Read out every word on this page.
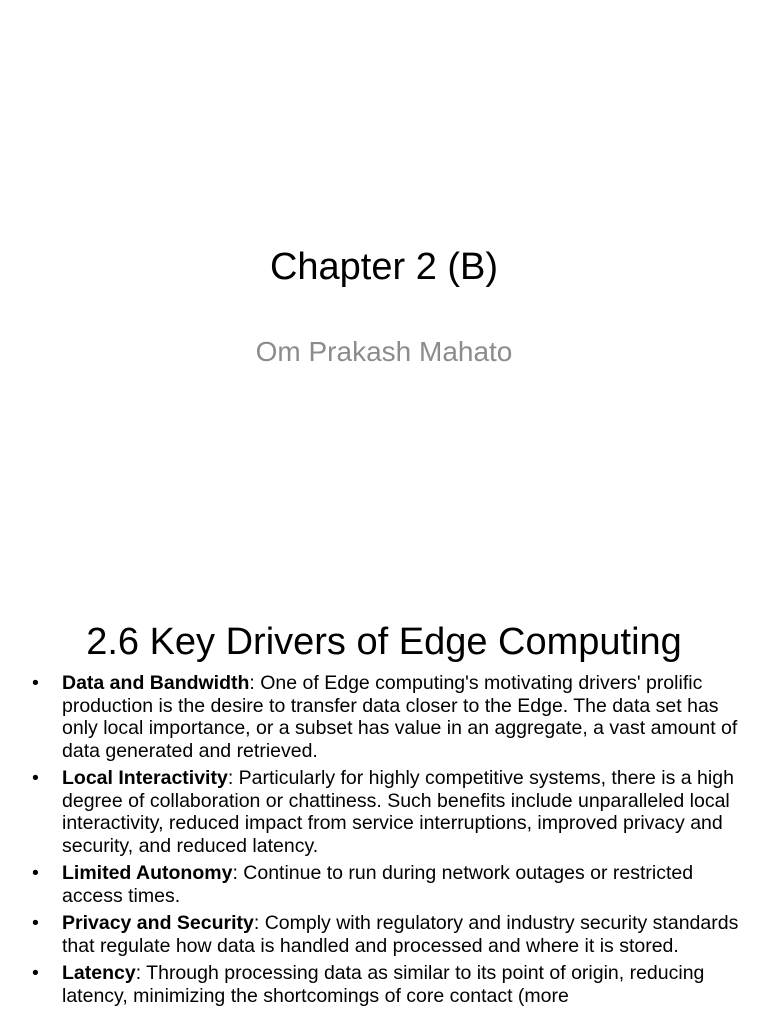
Chapter 2 (B)
Om Prakash Mahato
2.6 Key Drivers of Edge Computing
• Data and Bandwidth: One of Edge computing's motivating drivers' prolific production is the desire to transfer data closer to the Edge. The data set has only local importance, or a subset has value in an aggregate, a vast amount of data generated and retrieved.
• Local Interactivity: Particularly for highly competitive systems, there is a high degree of collaboration or chattiness. Such benefits include unparalleled local interactivity, reduced impact from service interruptions, improved privacy and security, and reduced latency.
• Limited Autonomy: Continue to run during network outages or restricted access times.
• Privacy and Security: Comply with regulatory and industry security standards that regulate how data is handled and processed and where it is stored.
• Latency: Through processing data as similar to its point of origin, reducing latency, minimizing the shortcomings of core contact (more
